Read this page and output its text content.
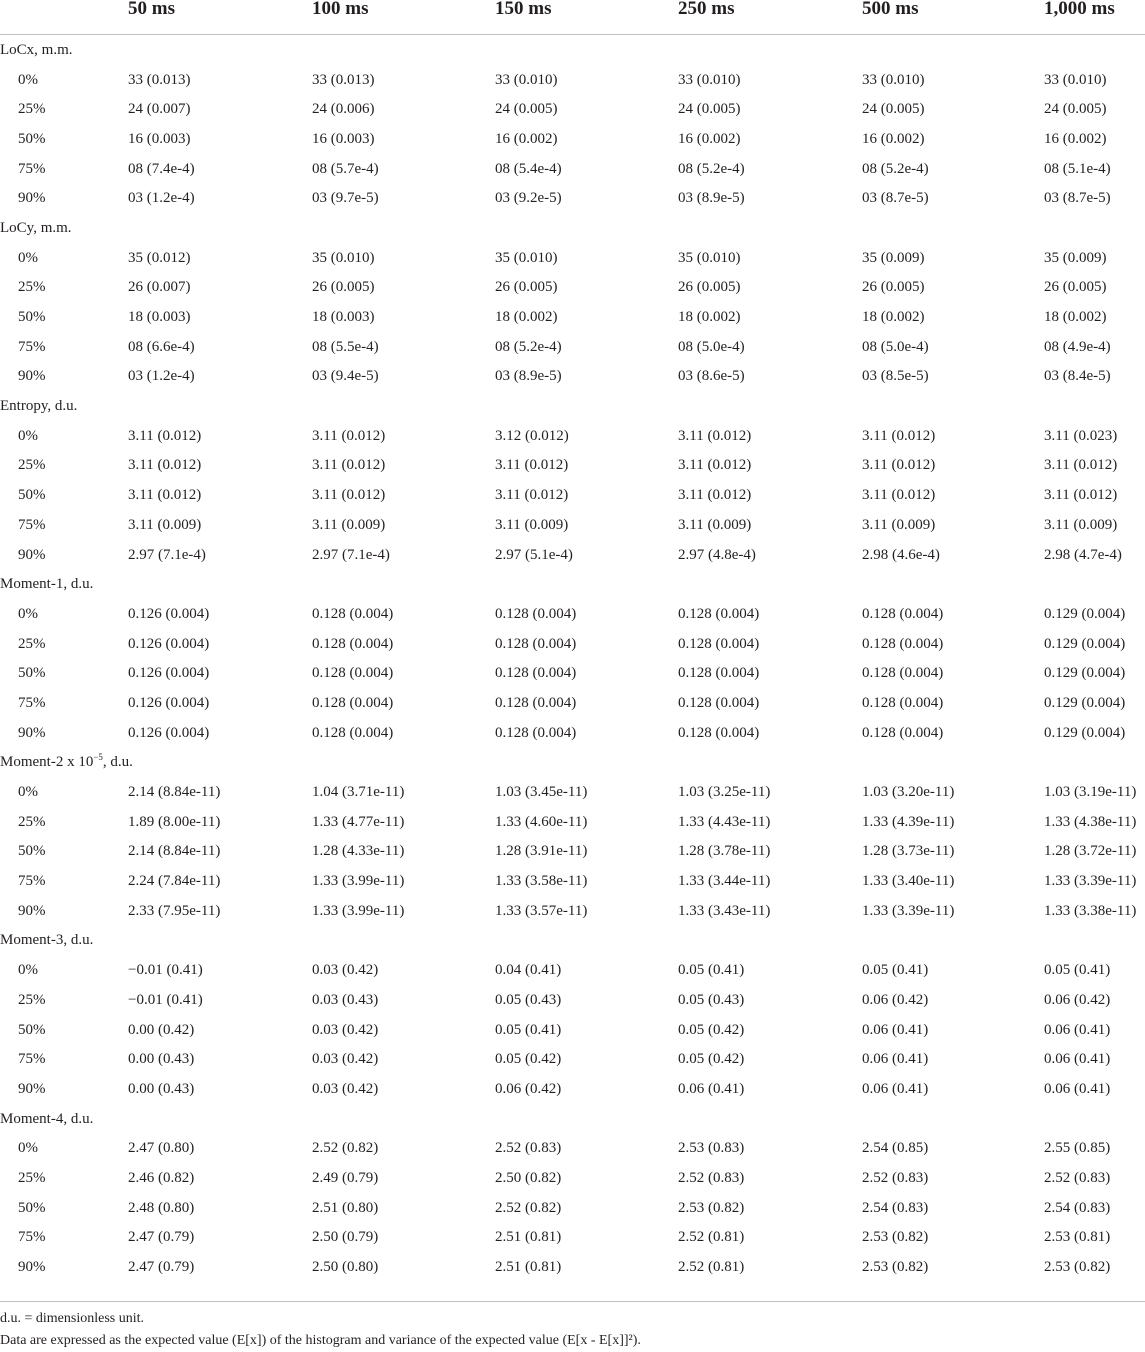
	50 ms	100 ms	150 ms	250 ms	500 ms	1,000 ms
LoCx, m.m.						
0%	33 (0.013)	33 (0.013)	33 (0.010)	33 (0.010)	33 (0.010)	33 (0.010)
25%	24 (0.007)	24 (0.006)	24 (0.005)	24 (0.005)	24 (0.005)	24 (0.005)
50%	16 (0.003)	16 (0.003)	16 (0.002)	16 (0.002)	16 (0.002)	16 (0.002)
75%	08 (7.4e-4)	08 (5.7e-4)	08 (5.4e-4)	08 (5.2e-4)	08 (5.2e-4)	08 (5.1e-4)
90%	03 (1.2e-4)	03 (9.7e-5)	03 (9.2e-5)	03 (8.9e-5)	03 (8.7e-5)	03 (8.7e-5)
LoCy, m.m.						
0%	35 (0.012)	35 (0.010)	35 (0.010)	35 (0.010)	35 (0.009)	35 (0.009)
25%	26 (0.007)	26 (0.005)	26 (0.005)	26 (0.005)	26 (0.005)	26 (0.005)
50%	18 (0.003)	18 (0.003)	18 (0.002)	18 (0.002)	18 (0.002)	18 (0.002)
75%	08 (6.6e-4)	08 (5.5e-4)	08 (5.2e-4)	08 (5.0e-4)	08 (5.0e-4)	08 (4.9e-4)
90%	03 (1.2e-4)	03 (9.4e-5)	03 (8.9e-5)	03 (8.6e-5)	03 (8.5e-5)	03 (8.4e-5)
Entropy, d.u.						
0%	3.11 (0.012)	3.11 (0.012)	3.12 (0.012)	3.11 (0.012)	3.11 (0.012)	3.11 (0.023)
25%	3.11 (0.012)	3.11 (0.012)	3.11 (0.012)	3.11 (0.012)	3.11 (0.012)	3.11 (0.012)
50%	3.11 (0.012)	3.11 (0.012)	3.11 (0.012)	3.11 (0.012)	3.11 (0.012)	3.11 (0.012)
75%	3.11 (0.009)	3.11 (0.009)	3.11 (0.009)	3.11 (0.009)	3.11 (0.009)	3.11 (0.009)
90%	2.97 (7.1e-4)	2.97 (7.1e-4)	2.97 (5.1e-4)	2.97 (4.8e-4)	2.98 (4.6e-4)	2.98 (4.7e-4)
Moment-1, d.u.						
0%	0.126 (0.004)	0.128 (0.004)	0.128 (0.004)	0.128 (0.004)	0.128 (0.004)	0.129 (0.004)
25%	0.126 (0.004)	0.128 (0.004)	0.128 (0.004)	0.128 (0.004)	0.128 (0.004)	0.129 (0.004)
50%	0.126 (0.004)	0.128 (0.004)	0.128 (0.004)	0.128 (0.004)	0.128 (0.004)	0.129 (0.004)
75%	0.126 (0.004)	0.128 (0.004)	0.128 (0.004)	0.128 (0.004)	0.128 (0.004)	0.129 (0.004)
90%	0.126 (0.004)	0.128 (0.004)	0.128 (0.004)	0.128 (0.004)	0.128 (0.004)	0.129 (0.004)
Moment-2 x $10^{-5}$, d.u.						
0%	2.14 (8.84e-11)	1.04 (3.71e-11)	1.03 (3.45e-11)	1.03 (3.25e-11)	1.03 (3.20e-11)	1.03 (3.19e-11)
25%	1.89 (8.00e-11)	1.33 (4.77e-11)	1.33 (4.60e-11)	1.33 (4.43e-11)	1.33 (4.39e-11)	1.33 (4.38e-11)
50%	2.14 (8.84e-11)	1.28 (4.33e-11)	1.28 (3.91e-11)	1.28 (3.78e-11)	1.28 (3.73e-11)	1.28 (3.72e-11)
75%	2.24 (7.84e-11)	1.33 (3.99e-11)	1.33 (3.58e-11)	1.33 (3.44e-11)	1.33 (3.40e-11)	1.33 (3.39e-11)
90%	2.33 (7.95e-11)	1.33 (3.99e-11)	1.33 (3.57e-11)	1.33 (3.43e-11)	1.33 (3.39e-11)	1.33 (3.38e-11)
Moment-3, d.u.						
0%	−0.01 (0.41)	0.03 (0.42)	0.04 (0.41)	0.05 (0.41)	0.05 (0.41)	0.05 (0.41)
25%	−0.01 (0.41)	0.03 (0.43)	0.05 (0.43)	0.05 (0.43)	0.06 (0.42)	0.06 (0.42)
50%	0.00 (0.42)	0.03 (0.42)	0.05 (0.41)	0.05 (0.42)	0.06 (0.41)	0.06 (0.41)
75%	0.00 (0.43)	0.03 (0.42)	0.05 (0.42)	0.05 (0.42)	0.06 (0.41)	0.06 (0.41)
90%	0.00 (0.43)	0.03 (0.42)	0.06 (0.42)	0.06 (0.41)	0.06 (0.41)	0.06 (0.41)
Moment-4, d.u.						
0%	2.47 (0.80)	2.52 (0.82)	2.52 (0.83)	2.53 (0.83)	2.54 (0.85)	2.55 (0.85)
25%	2.46 (0.82)	2.49 (0.79)	2.50 (0.82)	2.52 (0.83)	2.52 (0.83)	2.52 (0.83)
50%	2.48 (0.80)	2.51 (0.80)	2.52 (0.82)	2.53 (0.82)	2.54 (0.83)	2.54 (0.83)
75%	2.47 (0.79)	2.50 (0.79)	2.51 (0.81)	2.52 (0.81)	2.53 (0.82)	2.53 (0.81)
90%	2.47 (0.79)	2.50 (0.80)	2.51 (0.81)	2.52 (0.81)	2.53 (0.82)	2.53 (0.82)

d.u. = dimensionless unit.

Data are expressed as the expected value (E[x]) of the histogram and variance of the expected value (E[x - E[x]]²).
